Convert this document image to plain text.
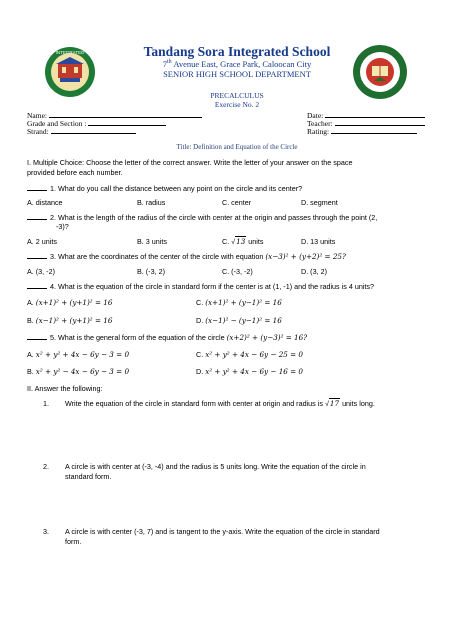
INTEGRATED	Tandang Sora Integrated School
7th Avenue East, Grace Park, Caloocan City
SENIOR HIGH SCHOOL DEPARTMENT
PRECALCULUS
Exercise No. 2
Name:
Grade and Section :
Strand:
Date:
Teacher:
Rating:
Title: Definition and Equation of the Circle
I. Multiple Choice: Choose the letter of the correct answer. Write the letter of your answer on the space
provided before each number.
1. What do you call the distance between any point on the circle and its center?
A. distance	B. radius	C. center	D. segment
2. What is the length of the radius of the circle with center at the origin and passes through the point (2,
-3)?
A. 2 units	B. 3 units	C. √13 units	D. 13 units
3. What are the coordinates of the center of the circle with equation (x−3)² + (y+2)² = 25?
A. (3, -2)	B. (-3, 2)	C. (-3, -2)	D. (3, 2)
4. What is the equation of the circle in standard form if the center is at (1, -1) and the radius is 4 units?
A. (x+1)² + (y+1)² = 16	C. (x+1)² + (y−1)² = 16
B. (x−1)² + (y+1)² = 16	D. (x−1)² − (y−1)² = 16
5. What is the general form of the equation of the circle (x+2)² + (y−3)² = 16?
A. x² + y² + 4x − 6y − 3 = 0	C. x² + y² + 4x − 6y − 25 = 0
B. x² + y² − 4x − 6y − 3 = 0	D. x² + y² + 4x − 6y − 16 = 0
II. Answer the following:
1. Write the equation of the circle in standard form with center at origin and radius is √17 units long.
2. A circle is with center at (-3, -4) and the radius is 5 units long. Write the equation of the circle in
standard form.
3. A circle is with center (-3, 7) and is tangent to the y-axis. Write the equation of the circle in standard
form.
